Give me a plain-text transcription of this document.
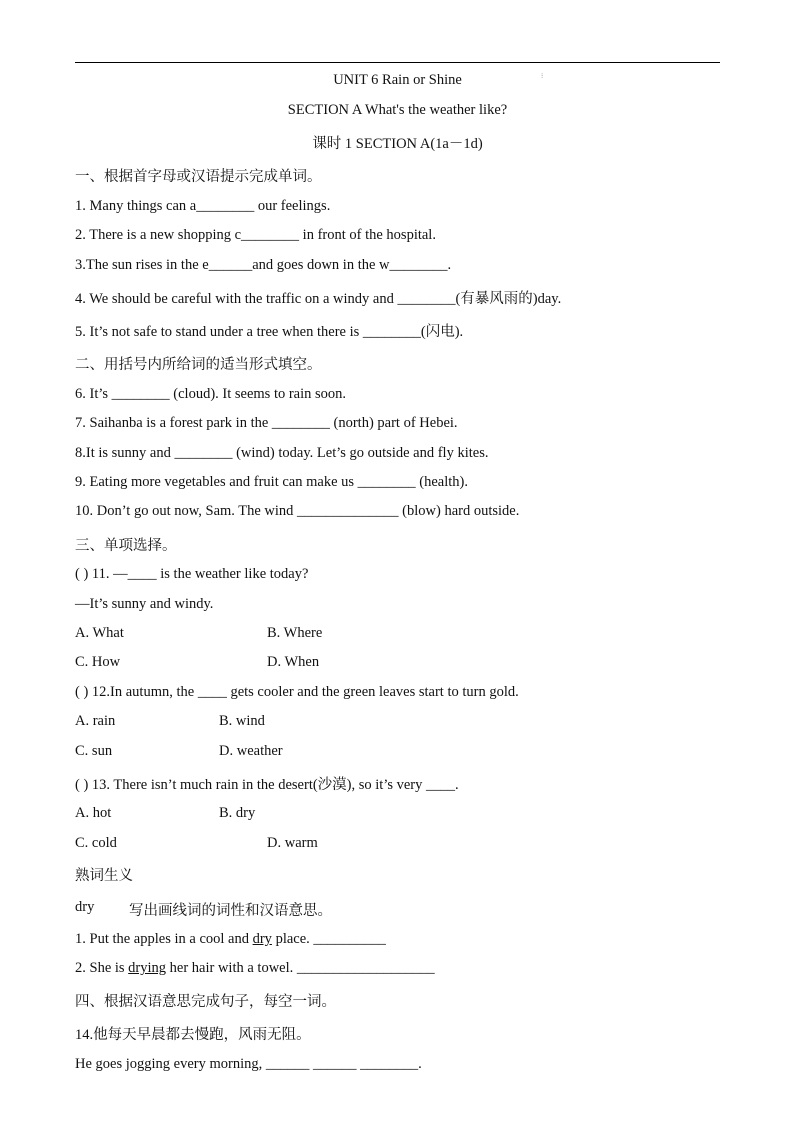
⁝
UNIT 6 Rain or Shine
SECTION A What's the weather like?
课时 1 SECTION A(1a－1d)
一、根据首字母或汉语提示完成单词。
1. Many things can a________ our feelings.
2. There is a new shopping c________ in front of the hospital.
3.The sun rises in the e______and goes down in the w________.
4. We should be careful with the traffic on a windy and ________(有暴风雨的)day.
5. It’s not safe to stand under a tree when there is ________(闪电).
二、用括号内所给词的适当形式填空。
6. It’s ________ (cloud). It seems to rain soon.
7. Saihanba is a forest park in the ________ (north) part of Hebei.
8.It is sunny and ________ (wind) today. Let’s go outside and fly kites.
9. Eating more vegetables and fruit can make us ________ (health).
10. Don’t go out now, Sam. The wind ______________ (blow) hard outside.
三、单项选择。
( ) 11. —____ is the weather like today?
—It’s sunny and windy.
A. What	B. Where
C. How	D. When
( ) 12.In autumn, the ____ gets cooler and the green leaves start to turn gold.
A. rain	B. wind
C. sun	D. weather
( ) 13. There isn’t much rain in the desert(沙漠), so it’s very ____.
A. hot	B. dry
C. cold	D. warm
熟词生义
dry 写出画线词的词性和汉语意思。
1. Put the apples in a cool and dry place. __________
2. She is drying her hair with a towel. ___________________
四、根据汉语意思完成句子，每空一词。
14.他每天早晨都去慢跑，风雨无阻。
He goes jogging every morning, ______ ______ ________.
